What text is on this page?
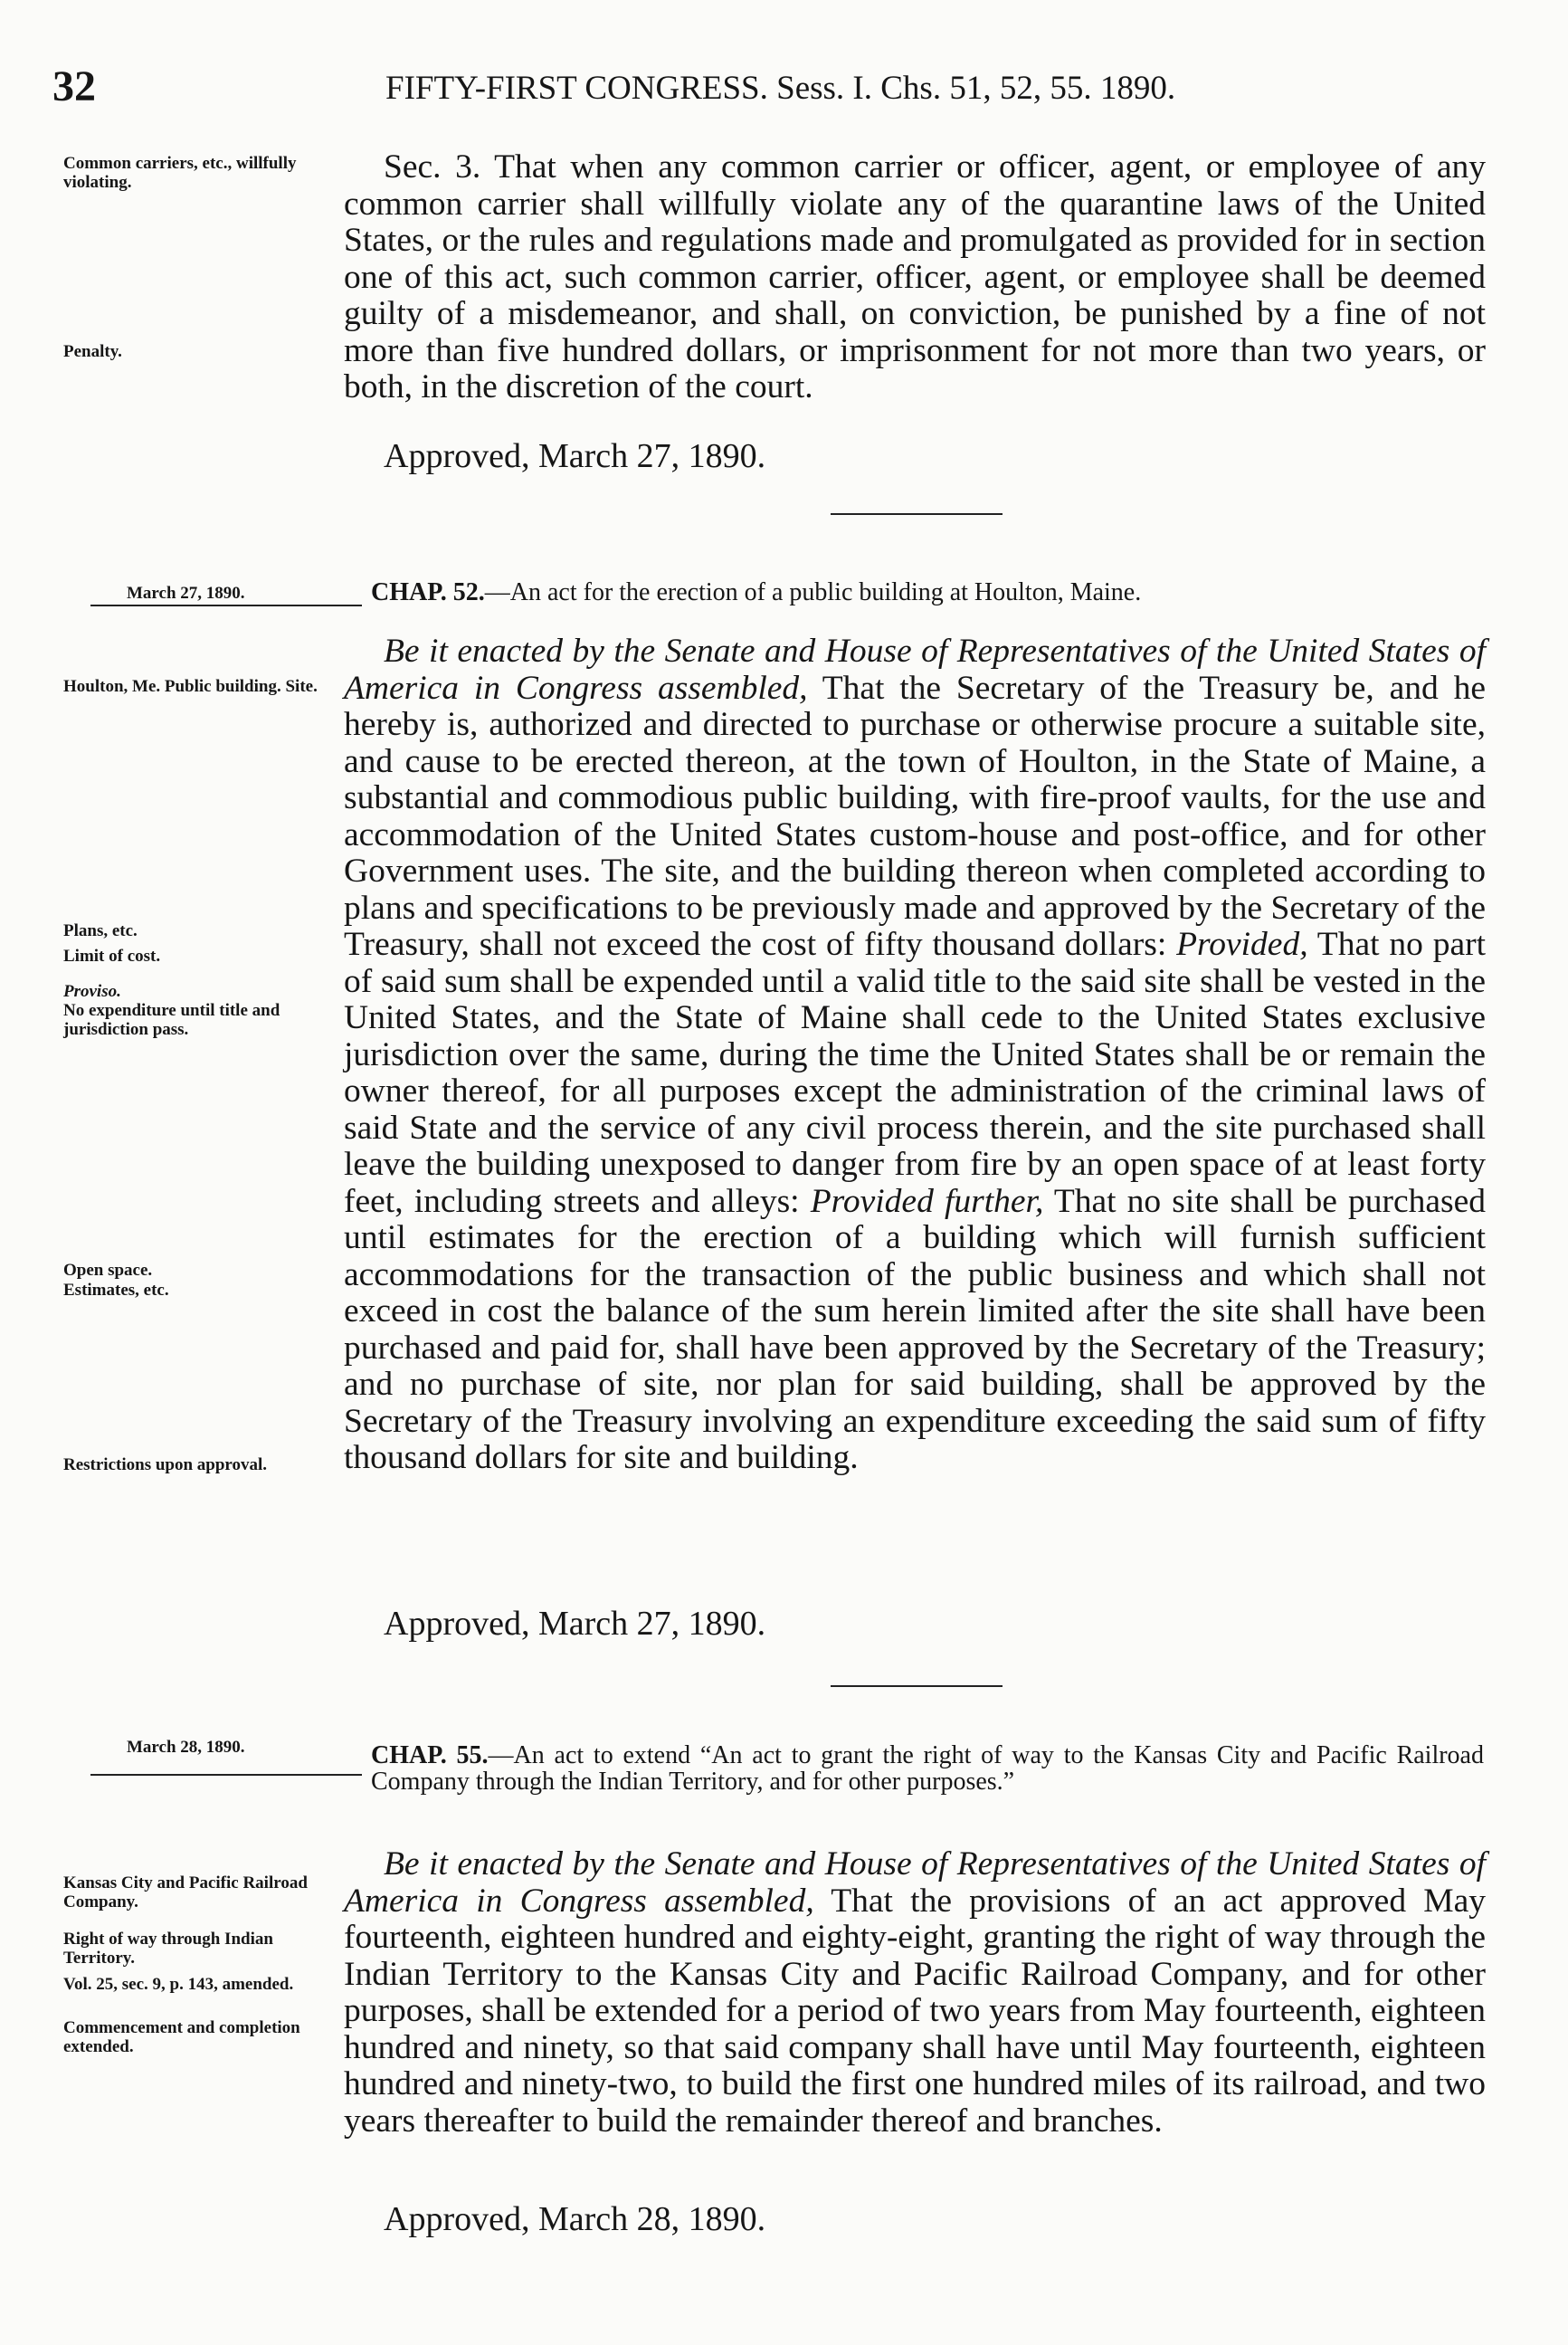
32	FIFTY-FIRST CONGRESS. Sess. I. Chs. 51, 52, 55. 1890.
Common carriers, etc., willfully violating.
Penalty.

Sec. 3. That when any common carrier or officer, agent, or employee of any common carrier shall willfully violate any of the quarantine laws of the United States, or the rules and regulations made and promulgated as provided for in section one of this act, such common carrier, officer, agent, or employee shall be deemed guilty of a misdemeanor, and shall, on conviction, be punished by a fine of not more than five hundred dollars, or imprisonment for not more than two years, or both, in the discretion of the court.

Approved, March 27, 1890.
March 27, 1890.	CHAP. 52.—An act for the erection of a public building at Houlton, Maine.
Houlton, Me. Public building. Site.
Plans, etc.
Limit of cost.
Proviso.
No expenditure until title and jurisdiction pass.
Open space.
Estimates, etc.
Restrictions upon approval.

Be it enacted by the Senate and House of Representatives of the United States of America in Congress assembled, That the Secretary of the Treasury be, and he hereby is, authorized and directed to purchase or otherwise procure a suitable site, and cause to be erected thereon, at the town of Houlton, in the State of Maine, a substantial and commodious public building, with fire-proof vaults, for the use and accommodation of the United States custom-house and post-office, and for other Government uses. The site, and the building thereon when completed according to plans and specifications to be previously made and approved by the Secretary of the Treasury, shall not exceed the cost of fifty thousand dollars: Provided, That no part of said sum shall be expended until a valid title to the said site shall be vested in the United States, and the State of Maine shall cede to the United States exclusive jurisdiction over the same, during the time the United States shall be or remain the owner thereof, for all purposes except the administration of the criminal laws of said State and the service of any civil process therein, and the site purchased shall leave the building unexposed to danger from fire by an open space of at least forty feet, including streets and alleys: Provided further, That no site shall be purchased until estimates for the erection of a building which will furnish sufficient accommodations for the transaction of the public business and which shall not exceed in cost the balance of the sum herein limited after the site shall have been purchased and paid for, shall have been approved by the Secretary of the Treasury; and no purchase of site, nor plan for said building, shall be approved by the Secretary of the Treasury involving an expenditure exceeding the said sum of fifty thousand dollars for site and building.

Approved, March 27, 1890.
March 28, 1890.	CHAP. 55.—An act to extend “An act to grant the right of way to the Kansas City and Pacific Railroad Company through the Indian Territory, and for other purposes.”
Kansas City and Pacific Railroad Company.
Right of way through Indian Territory.
Vol. 25, sec. 9, p. 143, amended.
Commencement and completion extended.

Be it enacted by the Senate and House of Representatives of the United States of America in Congress assembled, That the provisions of an act approved May fourteenth, eighteen hundred and eighty-eight, granting the right of way through the Indian Territory to the Kansas City and Pacific Railroad Company, and for other purposes, shall be extended for a period of two years from May fourteenth, eighteen hundred and ninety, so that said company shall have until May fourteenth, eighteen hundred and ninety-two, to build the first one hundred miles of its railroad, and two years thereafter to build the remainder thereof and branches.

Approved, March 28, 1890.
